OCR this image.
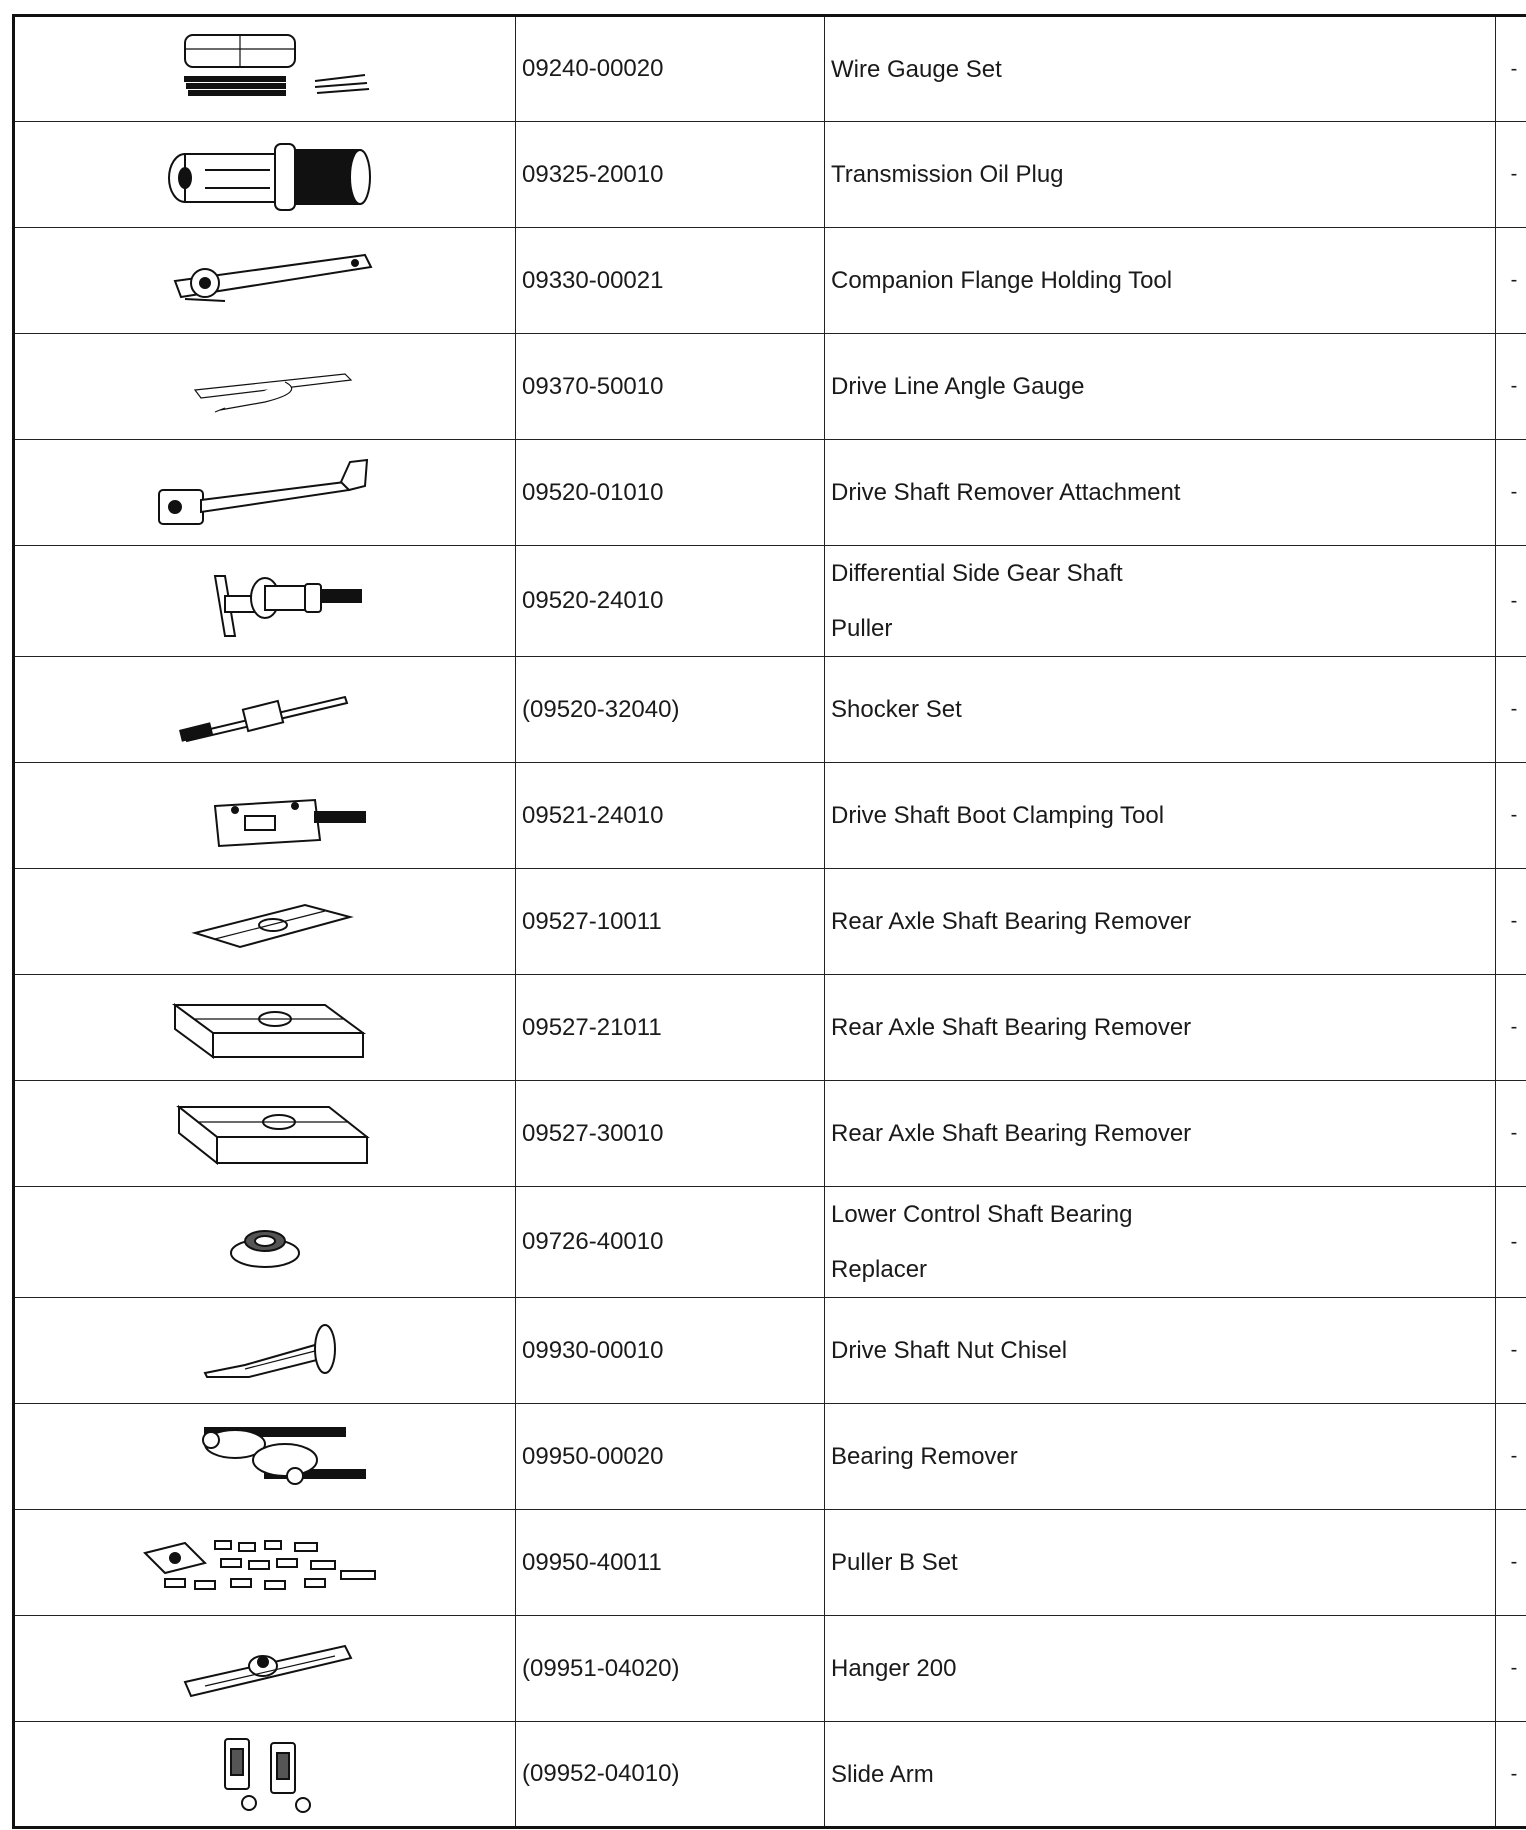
	09240-00020	Wire Gauge Set	-

	09325-20010	Transmission Oil Plug	-

	09330-00021	Companion Flange Holding Tool	-

	09370-50010	Drive Line Angle Gauge	-

	09520-01010	Drive Shaft Remover Attachment	-

	09520-24010	Differential Side Gear Shaft
Puller	-

	(09520-32040)	Shocker Set	-

	09521-24010	Drive Shaft Boot Clamping Tool	-

	09527-10011	Rear Axle Shaft Bearing Remover	-

	09527-21011	Rear Axle Shaft Bearing Remover	-

	09527-30010	Rear Axle Shaft Bearing Remover	-

	09726-40010	Lower Control Shaft Bearing
Replacer	-

	09930-00010	Drive Shaft Nut Chisel	-

	09950-00020	Bearing Remover	-

	09950-40011	Puller B Set	-

	(09951-04020)	Hanger 200	-

	(09952-04010)	Slide Arm	-
